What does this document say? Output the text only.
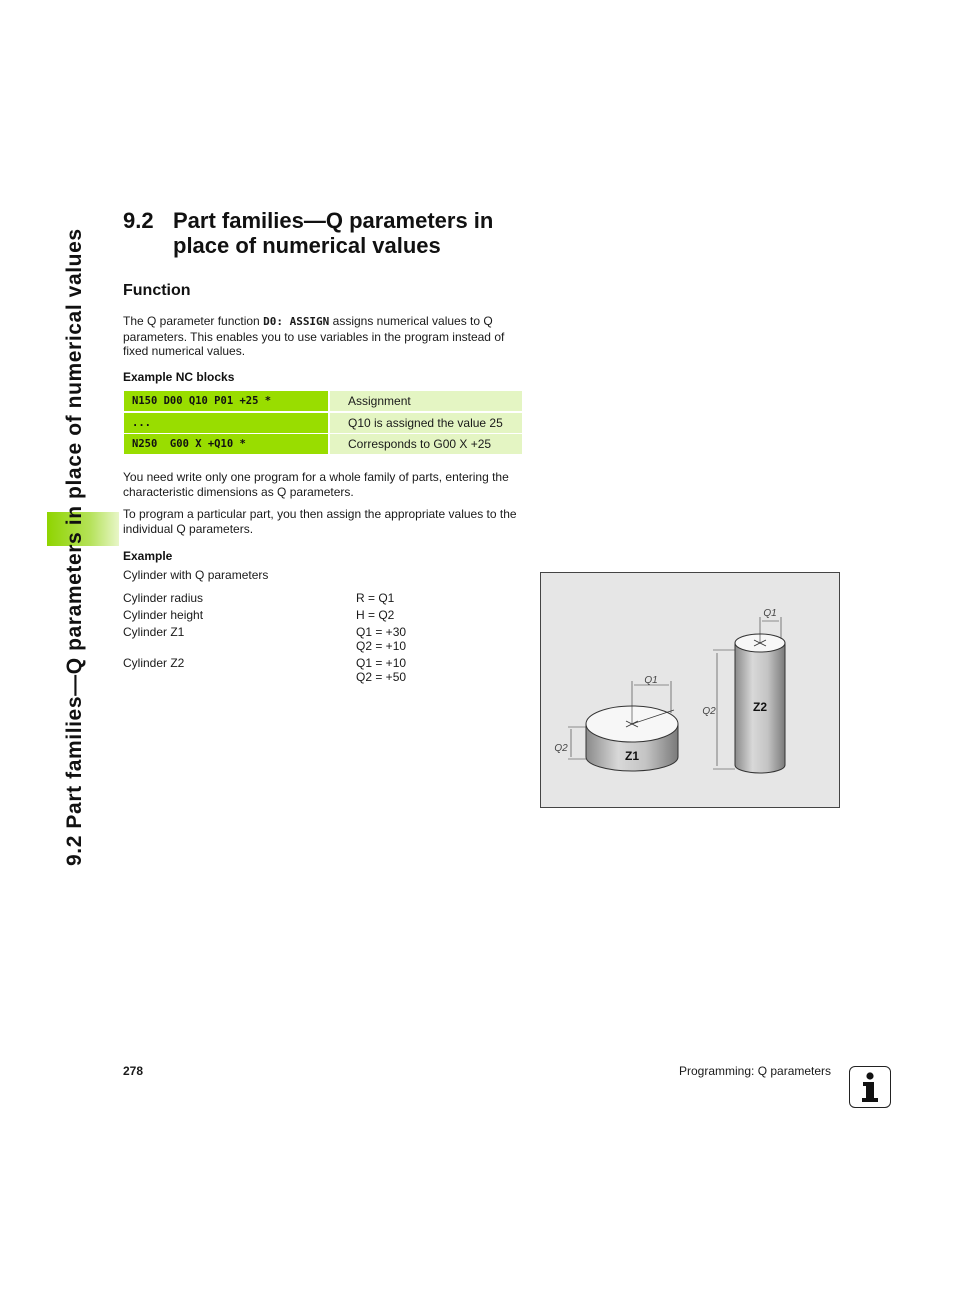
9.2 Part families—Q parameters in place of numerical values
9.2 Part families—Q parameters in place of numerical values
Function
The Q parameter function D0: ASSIGN assigns numerical values to Q parameters. This enables you to use variables in the program instead of fixed numerical values.
Example NC blocks
N150 D00 Q10 P01 +25 *	Assignment
...	Q10 is assigned the value 25
N250  G00 X +Q10 *	Corresponds to G00 X +25
You need write only one program for a whole family of parts, entering the characteristic dimensions as Q parameters.
To program a particular part, you then assign the appropriate values to the individual Q parameters.
Example
Cylinder with Q parameters
Cylinder radius	R = Q1
Cylinder height	H = Q2
Cylinder Z1	Q1 = +30
Q2 = +10
Cylinder Z2	Q1 = +10
Q2 = +50
Z1
Z2
Q1
Q2
Q1
Q2
278	Programming: Q parameters
